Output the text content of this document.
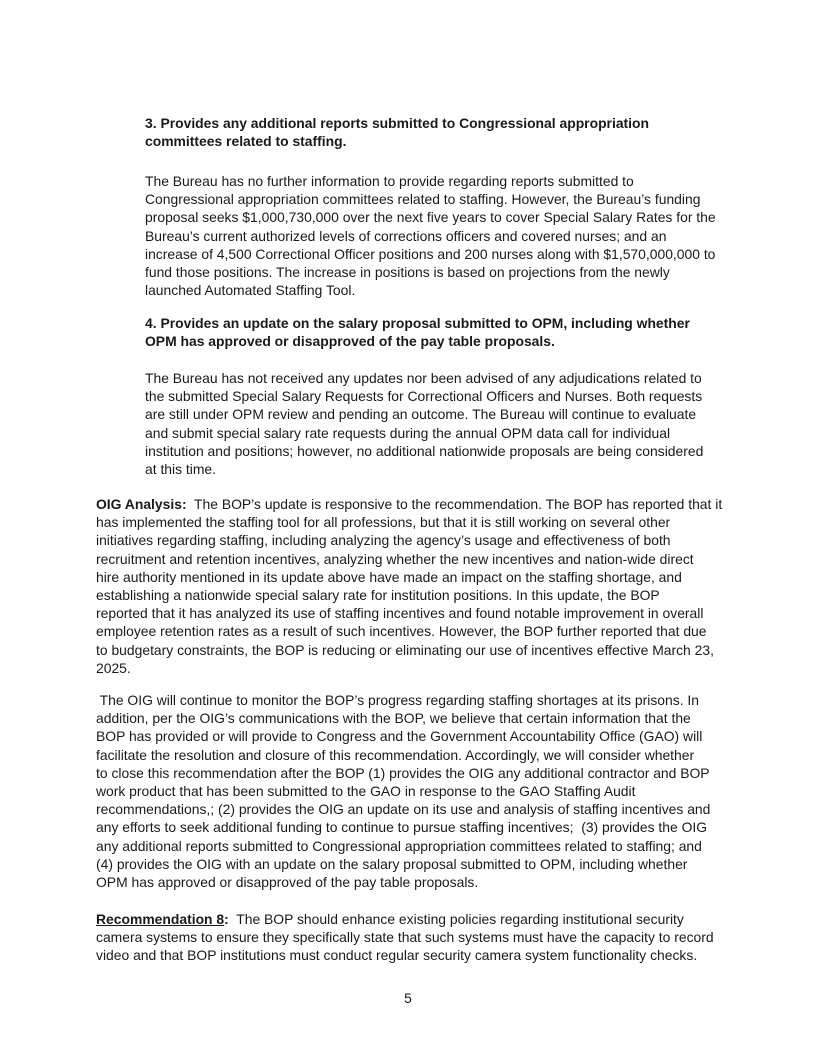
3. Provides any additional reports submitted to Congressional appropriation
committees related to staffing.
The Bureau has no further information to provide regarding reports submitted to
Congressional appropriation committees related to staffing. However, the Bureau’s funding
proposal seeks $1,000,730,000 over the next five years to cover Special Salary Rates for the
Bureau’s current authorized levels of corrections officers and covered nurses; and an
increase of 4,500 Correctional Officer positions and 200 nurses along with $1,570,000,000 to
fund those positions. The increase in positions is based on projections from the newly
launched Automated Staffing Tool.
4. Provides an update on the salary proposal submitted to OPM, including whether
OPM has approved or disapproved of the pay table proposals.
The Bureau has not received any updates nor been advised of any adjudications related to
the submitted Special Salary Requests for Correctional Officers and Nurses. Both requests
are still under OPM review and pending an outcome. The Bureau will continue to evaluate
and submit special salary rate requests during the annual OPM data call for individual
institution and positions; however, no additional nationwide proposals are being considered
at this time.
OIG Analysis:  The BOP’s update is responsive to the recommendation. The BOP has reported that it
has implemented the staffing tool for all professions, but that it is still working on several other
initiatives regarding staffing, including analyzing the agency’s usage and effectiveness of both
recruitment and retention incentives, analyzing whether the new incentives and nation-wide direct
hire authority mentioned in its update above have made an impact on the staffing shortage, and
establishing a nationwide special salary rate for institution positions. In this update, the BOP
reported that it has analyzed its use of staffing incentives and found notable improvement in overall
employee retention rates as a result of such incentives. However, the BOP further reported that due
to budgetary constraints, the BOP is reducing or eliminating our use of incentives effective March 23,
2025.
The OIG will continue to monitor the BOP’s progress regarding staffing shortages at its prisons. In
addition, per the OIG’s communications with the BOP, we believe that certain information that the
BOP has provided or will provide to Congress and the Government Accountability Office (GAO) will
facilitate the resolution and closure of this recommendation. Accordingly, we will consider whether
to close this recommendation after the BOP (1) provides the OIG any additional contractor and BOP
work product that has been submitted to the GAO in response to the GAO Staffing Audit
recommendations,; (2) provides the OIG an update on its use and analysis of staffing incentives and
any efforts to seek additional funding to continue to pursue staffing incentives;  (3) provides the OIG
any additional reports submitted to Congressional appropriation committees related to staffing; and
(4) provides the OIG with an update on the salary proposal submitted to OPM, including whether
OPM has approved or disapproved of the pay table proposals.
Recommendation 8:  The BOP should enhance existing policies regarding institutional security
camera systems to ensure they specifically state that such systems must have the capacity to record
video and that BOP institutions must conduct regular security camera system functionality checks.
5
